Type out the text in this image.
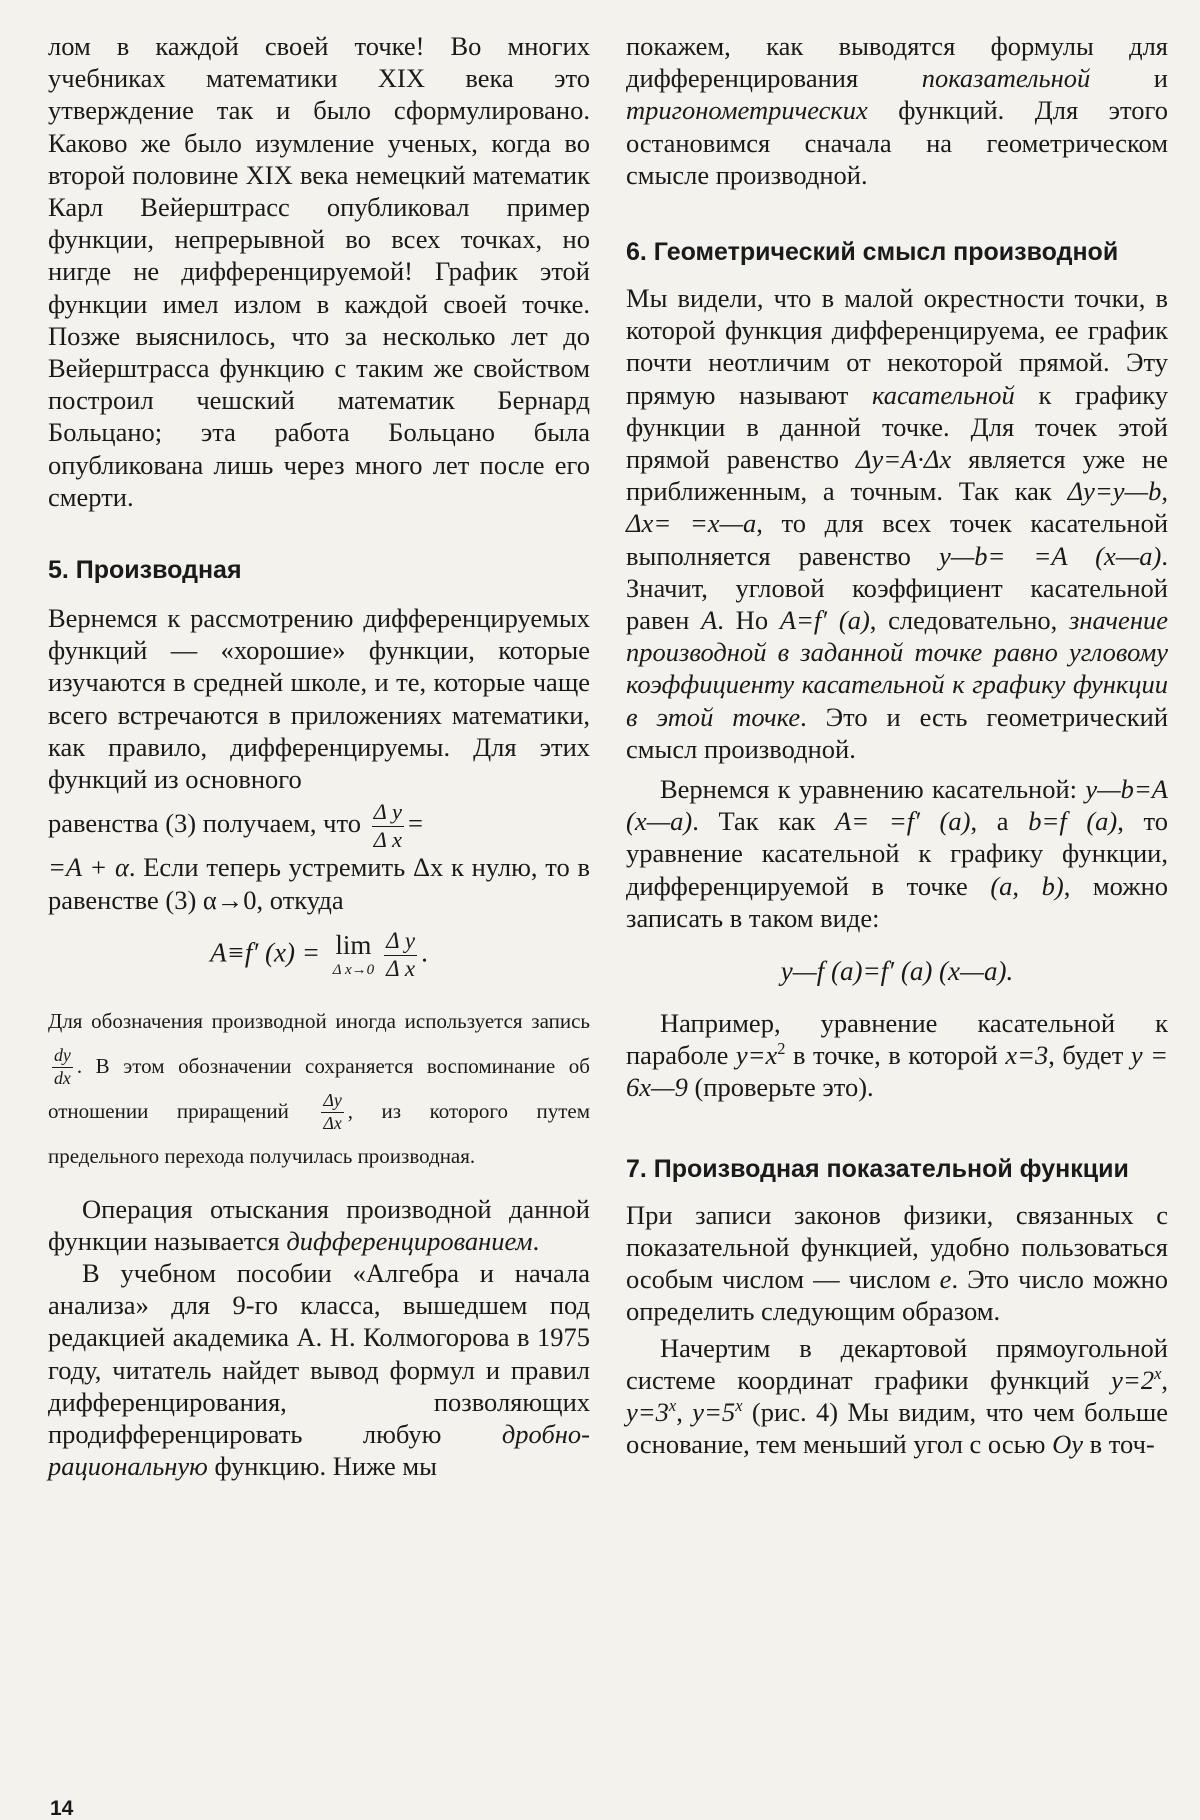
лом в каждой своей точке! Во многих учебниках математики XIX века это утверждение так и было сформулировано. Каково же было изумление ученых, когда во второй половине XIX века немецкий математик Карл Вейерштрасс опубликовал пример функции, непрерывной во всех точках, но нигде не дифференцируемой! График этой функции имел излом в каждой своей точке. Позже выяснилось, что за несколько лет до Вейерштрасса функцию с таким же свойством построил чешский математик Бернард Больцано; эта работа Больцано была опубликована лишь через много лет после его смерти.

5. Производная

Вернемся к рассмотрению дифференцируемых функций — «хорошие» функции, которые изучаются в средней школе, и те, которые чаще всего встречаются в приложениях математики, как правило, дифференцируемы. Для этих функций из основного

равенства (3) получаем, что $\frac{\text{Δ y}}{\text{Δ x}}$ =

=A + α. Если теперь устремить Δx к нулю, то в равенстве (3) α→0, откуда

A≡f′ (x) = lim
Δ $x\to 0 \frac{\text{Δ y}}{\text{Δ x}}$ .

Для обозначения производной иногда используется запись
$\frac{dy}{dx}$ . В этом обозначении сохраняется воспоминание об отношении приращений $\frac{\Delta y}{\Delta x}$ , из которого путем предельного перехода получилась производная.

Операция отыскания производной данной функции называется дифференцированием.

В учебном пособии «Алгебра и начала анализа» для 9-го класса, вышедшем под редакцией академика А. Н. Колмогорова в 1975 году, читатель найдет вывод формул и правил дифференцирования, позволяющих продифференцировать любую дробно-рациональную функцию. Ниже мы

покажем, как выводятся формулы для дифференцирования показательной и тригонометрических функций. Для этого остановимся сначала на геометрическом смысле производной.

6. Геометрический смысл производной

Мы видели, что в малой окрестности точки, в которой функция дифференцируема, ее график почти неотличим от некоторой прямой. Эту прямую называют касательной к графику функции в данной точке. Для точек этой прямой равенство Δy=A·Δx является уже не приближенным, а точным. Так как Δy=y—b, Δx= =x—a, то для всех точек касательной выполняется равенство y—b= =A (x—a). Значит, угловой коэффициент касательной равен A. Но A=f′ (a), следовательно, значение производной в заданной точке равно угловому коэффициенту касательной к графику функции в этой точке. Это и есть геометрический смысл производной.

Вернемся к уравнению касательной: y—b=A (x—a). Так как A= =f′ (a), а b=f (a), то уравнение касательной к графику функции, дифференцируемой в точке (a, b), можно записать в таком виде:

y—f (a)=f′ (a) (x—a).

Например, уравнение касательной к параболе $y=x^2$ в точке, в которой x=3, будет y = 6x—9 (проверьте это).

7. Производная показательной функции

При записи законов физики, связанных с показательной функцией, удобно пользоваться особым числом — числом e. Это число можно определить следующим образом.

Начертим в декартовой прямоугольной системе координат графики функций $y=2^x$, $y=3^x$, $y=5^x$ (рис. 4) Мы видим, что чем больше основание, тем меньший угол с осью Oy в точ-

14
